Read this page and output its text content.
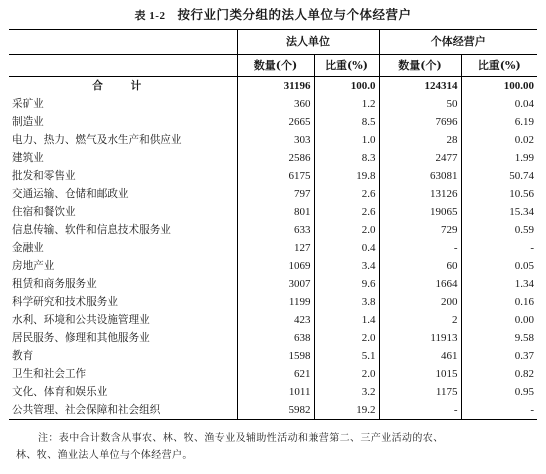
表 1-2 按行业门类分组的法人单位与个体经营户
	法人单位		个体经营户	
	数量(个)	比重(%)	数量(个)	比重(%)
合 计	31196	100.0	124314	100.00
采矿业	360	1.2	50	0.04
制造业	2665	8.5	7696	6.19
电力、热力、燃气及水生产和供应业	303	1.0	28	0.02
建筑业	2586	8.3	2477	1.99
批发和零售业	6175	19.8	63081	50.74
交通运输、仓储和邮政业	797	2.6	13126	10.56
住宿和餐饮业	801	2.6	19065	15.34
信息传输、软件和信息技术服务业	633	2.0	729	0.59
金融业	127	0.4	-	-
房地产业	1069	3.4	60	0.05
租赁和商务服务业	3007	9.6	1664	1.34
科学研究和技术服务业	1199	3.8	200	0.16
水利、环境和公共设施管理业	423	1.4	2	0.00
居民服务、修理和其他服务业	638	2.0	11913	9.58
教育	1598	5.1	461	0.37
卫生和社会工作	621	2.0	1015	0.82
文化、体育和娱乐业	1011	3.2	1175	0.95
公共管理、社会保障和社会组织	5982	19.2	-	-
注：表中合计数含从事农、林、牧、渔专业及辅助性活动和兼营第二、三产业活动的农、
林、牧、渔业法人单位与个体经营户。
